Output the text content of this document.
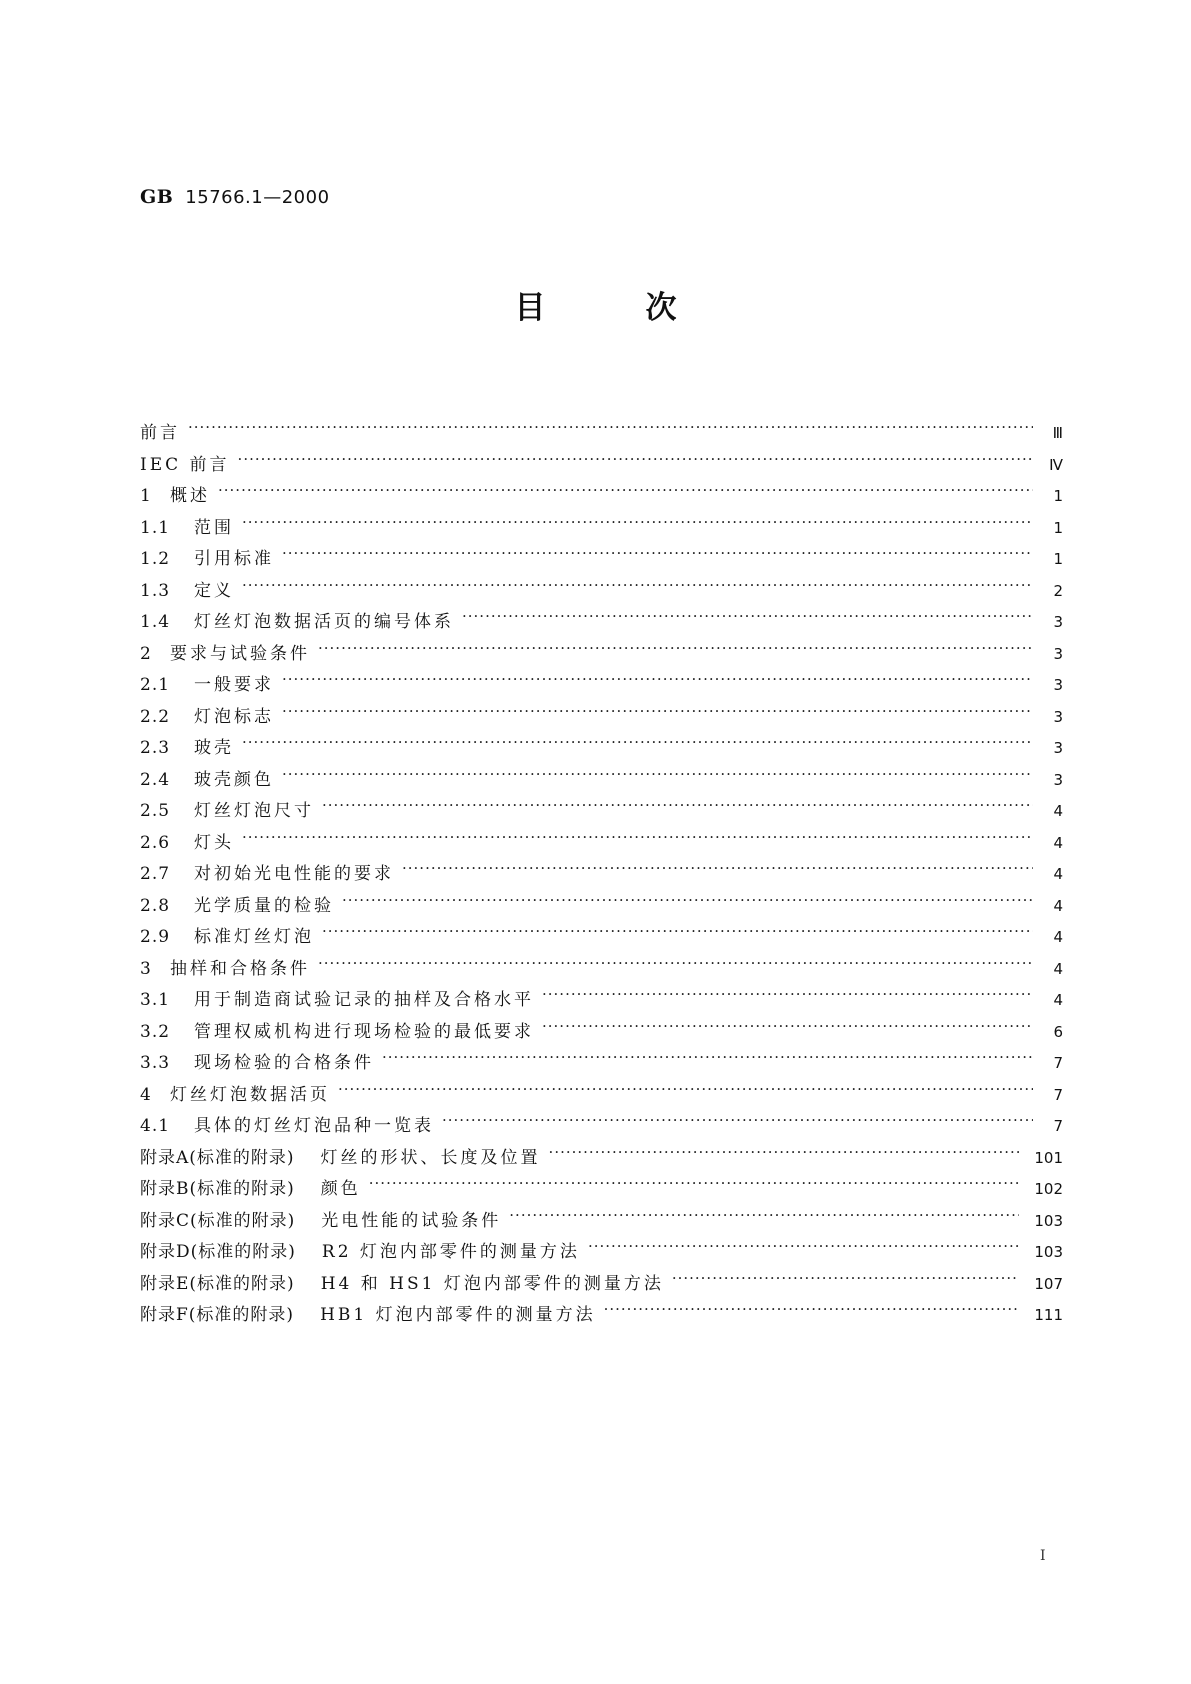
GB 15766.1—2000
目次
前言 ·····	Ⅲ
IEC 前言 ·····	Ⅳ
1	概述 ·····	1
1.1	范围 ·····	1
1.2	引用标准 ·····	1
1.3	定义 ·····	2
1.4	灯丝灯泡数据活页的编号体系 ·····	3
2	要求与试验条件 ·····	3
2.1	一般要求 ·····	3
2.2	灯泡标志 ·····	3
2.3	玻壳 ·····	3
2.4	玻壳颜色 ·····	3
2.5	灯丝灯泡尺寸 ·····	4
2.6	灯头 ·····	4
2.7	对初始光电性能的要求 ·····	4
2.8	光学质量的检验 ·····	4
2.9	标准灯丝灯泡 ·····	4
3	抽样和合格条件 ·····	4
3.1	用于制造商试验记录的抽样及合格水平 ·····	4
3.2	管理权威机构进行现场检验的最低要求 ·····	6
3.3	现场检验的合格条件 ·····	7
4	灯丝灯泡数据活页 ·····	7
4.1	具体的灯丝灯泡品种一览表 ·····	7
附录A(标准的附录) 灯丝的形状、长度及位置 ·····	101
附录B(标准的附录) 颜色 ·····	102
附录C(标准的附录) 光电性能的试验条件 ·····	103
附录D(标准的附录) R2 灯泡内部零件的测量方法 ·····	103
附录E(标准的附录) H4 和 HS1 灯泡内部零件的测量方法 ·····	107
附录F(标准的附录) HB1 灯泡内部零件的测量方法 ·····	111
Ⅰ
